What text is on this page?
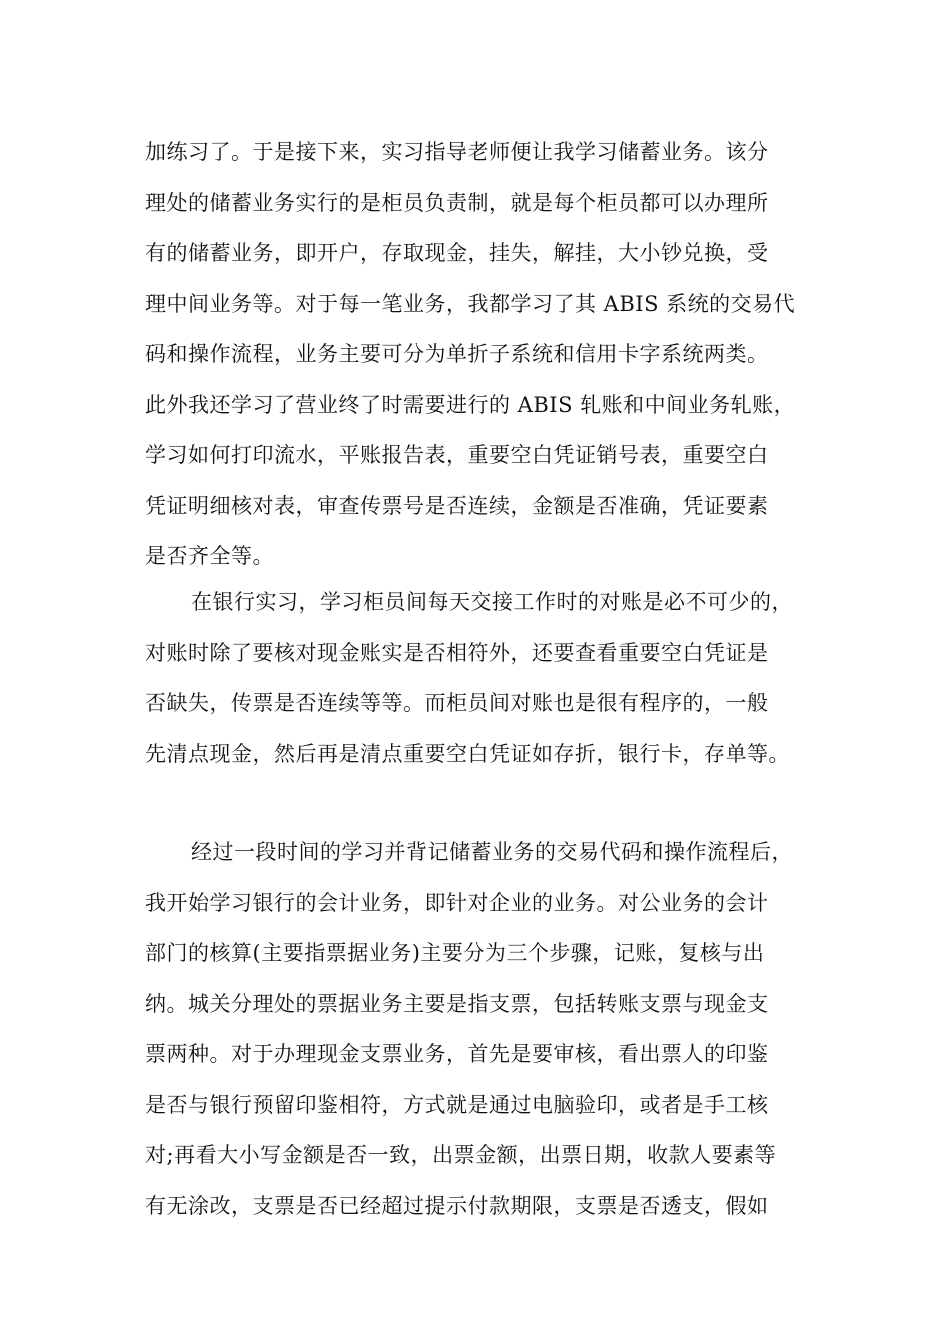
加练习了。于是接下来，实习指导老师便让我学习储蓄业务。该分
理处的储蓄业务实行的是柜员负责制，就是每个柜员都可以办理所
有的储蓄业务，即开户，存取现金，挂失，解挂，大小钞兑换，受
理中间业务等。对于每一笔业务，我都学习了其 ABIS 系统的交易代
码和操作流程，业务主要可分为单折子系统和信用卡字系统两类。
此外我还学习了营业终了时需要进行的 ABIS 轧账和中间业务轧账，
学习如何打印流水，平账报告表，重要空白凭证销号表，重要空白
凭证明细核对表，审查传票号是否连续，金额是否准确，凭证要素
是否齐全等。
在银行实习，学习柜员间每天交接工作时的对账是必不可少的，
对账时除了要核对现金账实是否相符外，还要查看重要空白凭证是
否缺失，传票是否连续等等。而柜员间对账也是很有程序的，一般
先清点现金，然后再是清点重要空白凭证如存折，银行卡，存单等。
经过一段时间的学习并背记储蓄业务的交易代码和操作流程后，
我开始学习银行的会计业务，即针对企业的业务。对公业务的会计
部门的核算(主要指票据业务)主要分为三个步骤，记账，复核与出
纳。城关分理处的票据业务主要是指支票，包括转账支票与现金支
票两种。对于办理现金支票业务，首先是要审核，看出票人的印鉴
是否与银行预留印鉴相符，方式就是通过电脑验印，或者是手工核
对;再看大小写金额是否一致，出票金额，出票日期，收款人要素等
有无涂改，支票是否已经超过提示付款期限，支票是否透支，假如
